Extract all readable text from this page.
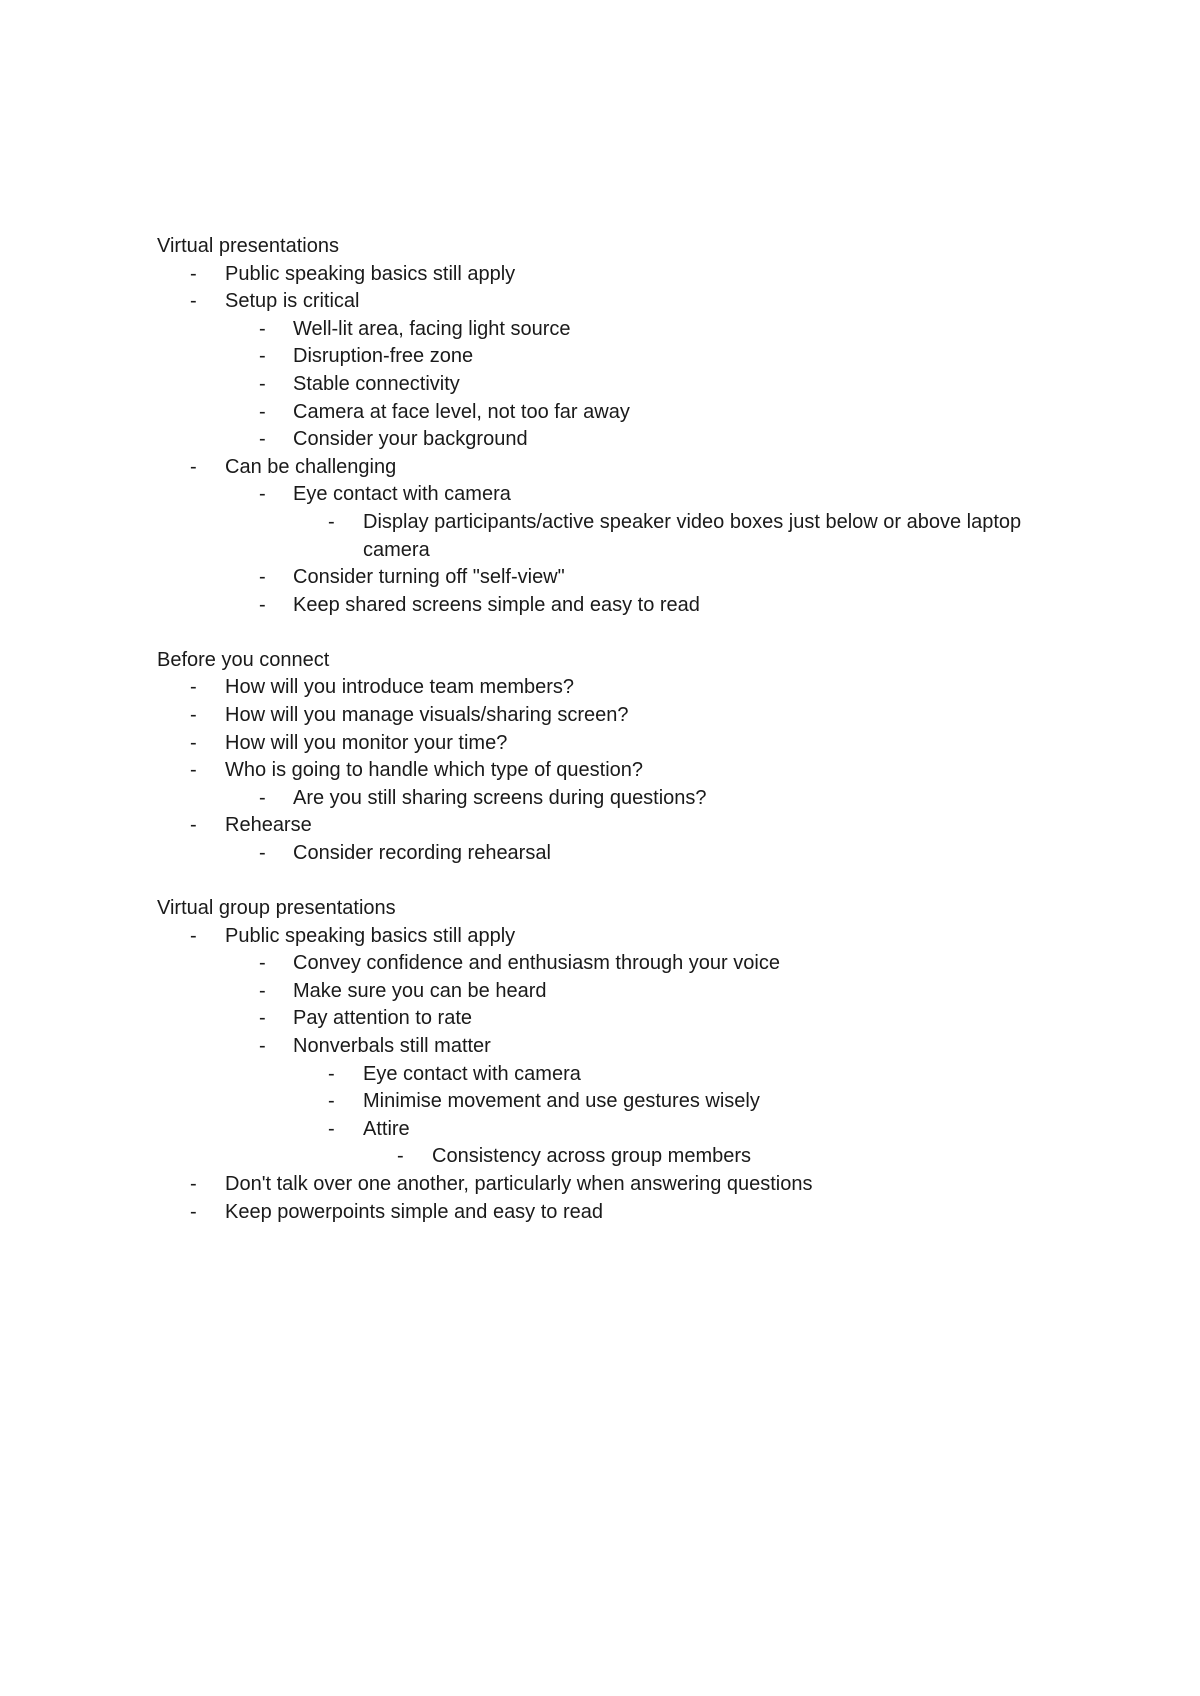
Virtual presentations
- Public speaking basics still apply
- Setup is critical
- Well-lit area, facing light source
- Disruption-free zone
- Stable connectivity
- Camera at face level, not too far away
- Consider your background
- Can be challenging
- Eye contact with camera
- Display participants/active speaker video boxes just below or above laptop camera
- Consider turning off "self-view"
- Keep shared screens simple and easy to read
Before you connect
- How will you introduce team members?
- How will you manage visuals/sharing screen?
- How will you monitor your time?
- Who is going to handle which type of question?
- Are you still sharing screens during questions?
- Rehearse
- Consider recording rehearsal
Virtual group presentations
- Public speaking basics still apply
- Convey confidence and enthusiasm through your voice
- Make sure you can be heard
- Pay attention to rate
- Nonverbals still matter
- Eye contact with camera
- Minimise movement and use gestures wisely
- Attire
- Consistency across group members
- Don't talk over one another, particularly when answering questions
- Keep powerpoints simple and easy to read
